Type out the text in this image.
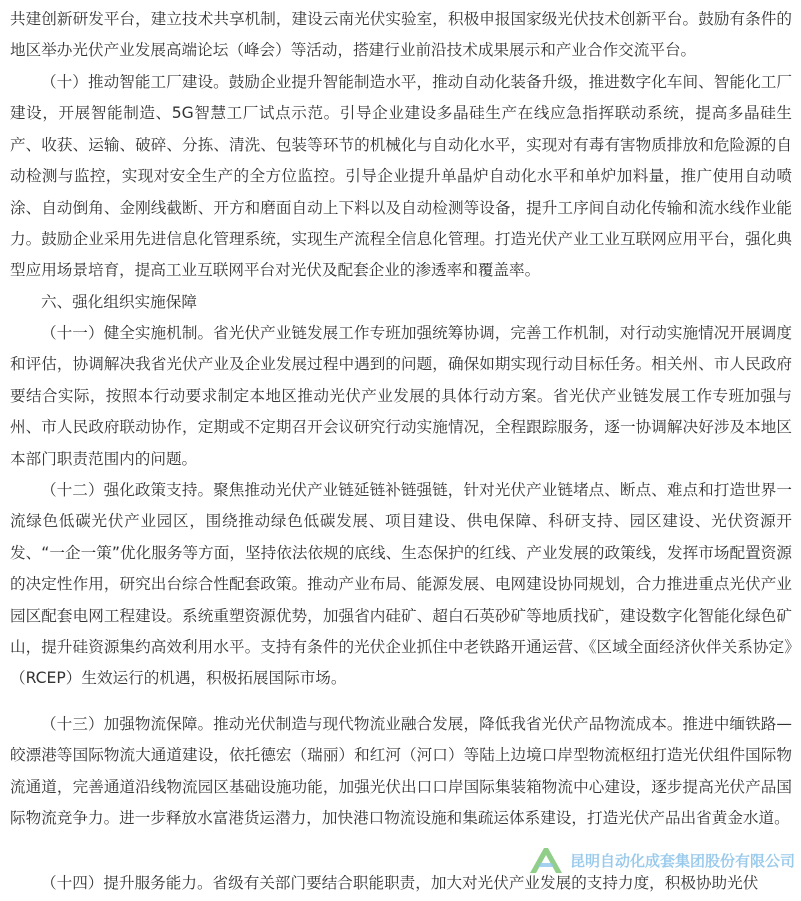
共建创新研发平台，建立技术共享机制，建设云南光伏实验室，积极申报国家级光伏技术创新平台。鼓励有条件的地区举办光伏产业发展高端论坛（峰会）等活动，搭建行业前沿技术成果展示和产业合作交流平台。

（十）推动智能工厂建设。鼓励企业提升智能制造水平，推动自动化装备升级，推进数字化车间、智能化工厂建设，开展智能制造、5G智慧工厂试点示范。引导企业建设多晶硅生产在线应急指挥联动系统，提高多晶硅生产、收获、运输、破碎、分拣、清洗、包装等环节的机械化与自动化水平，实现对有毒有害物质排放和危险源的自动检测与监控，实现对安全生产的全方位监控。引导企业提升单晶炉自动化水平和单炉加料量，推广使用自动喷涂、自动倒角、金刚线截断、开方和磨面自动上下料以及自动检测等设备，提升工序间自动化传输和流水线作业能力。鼓励企业采用先进信息化管理系统，实现生产流程全信息化管理。打造光伏产业工业互联网应用平台，强化典型应用场景培育，提高工业互联网平台对光伏及配套企业的渗透率和覆盖率。

六、强化组织实施保障

（十一）健全实施机制。省光伏产业链发展工作专班加强统筹协调，完善工作机制，对行动实施情况开展调度和评估，协调解决我省光伏产业及企业发展过程中遇到的问题，确保如期实现行动目标任务。相关州、市人民政府要结合实际，按照本行动要求制定本地区推动光伏产业发展的具体行动方案。省光伏产业链发展工作专班加强与州、市人民政府联动协作，定期或不定期召开会议研究行动实施情况，全程跟踪服务，逐一协调解决好涉及本地区本部门职责范围内的问题。

（十二）强化政策支持。聚焦推动光伏产业链延链补链强链，针对光伏产业链堵点、断点、难点和打造世界一流绿色低碳光伏产业园区，围绕推动绿色低碳发展、项目建设、供电保障、科研支持、园区建设、光伏资源开发、“一企一策”优化服务等方面，坚持依法依规的底线、生态保护的红线、产业发展的政策线，发挥市场配置资源的决定性作用，研究出台综合性配套政策。推动产业布局、能源发展、电网建设协同规划，合力推进重点光伏产业园区配套电网工程建设。系统重塑资源优势，加强省内硅矿、超白石英砂矿等地质找矿，建设数字化智能化绿色矿山，提升硅资源集约高效利用水平。支持有条件的光伏企业抓住中老铁路开通运营、《区域全面经济伙伴关系协定》（RCEP）生效运行的机遇，积极拓展国际市场。

（十三）加强物流保障。推动光伏制造与现代物流业融合发展，降低我省光伏产品物流成本。推进中缅铁路—皎漂港等国际物流大通道建设，依托德宏（瑞丽）和红河（河口）等陆上边境口岸型物流枢纽打造光伏组件国际物流通道，完善通道沿线物流园区基础设施功能，加强光伏出口口岸国际集装箱物流中心建设，逐步提高光伏产品国际物流竞争力。进一步释放水富港货运潜力，加快港口物流设施和集疏运体系建设，打造光伏产品出省黄金水道。

（十四）提升服务能力。省级有关部门要结合职能职责，加大对光伏产业发展的支持力度，积极协助光伏

昆明自动化成套集团股份有限公司
